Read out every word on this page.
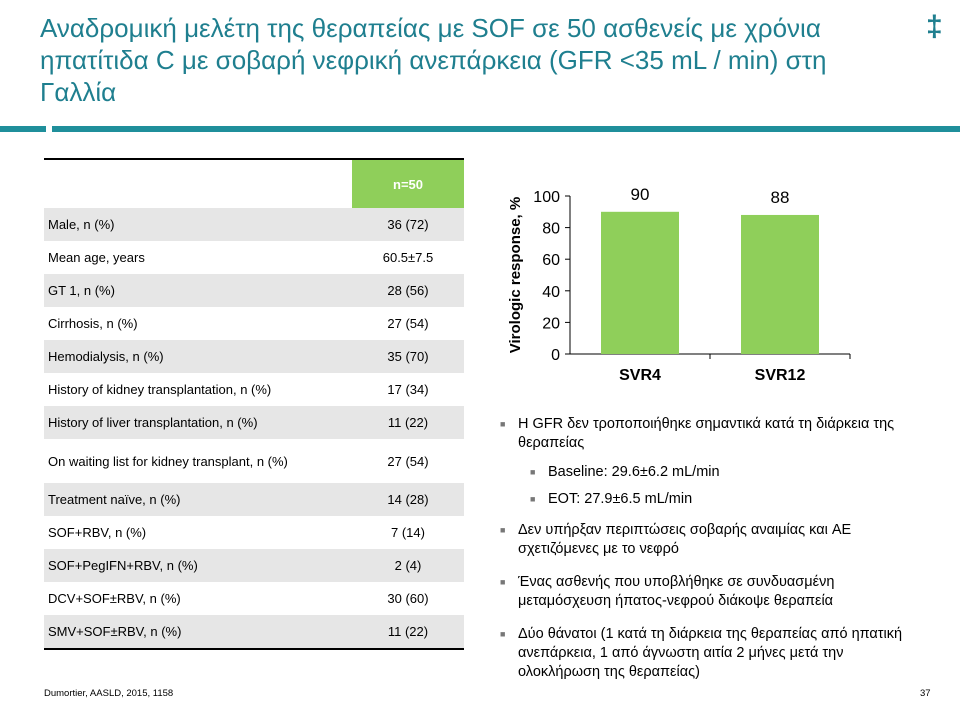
Αναδρομική μελέτη της θεραπείας με SOF σε 50 ασθενείς με χρόνια ηπατίτιδα C με σοβαρή νεφρική ανεπάρκεια (GFR <35 mL / min) στη Γαλλία
‡
	n=50
Male, n (%)	36 (72)
Mean age, years	60.5±7.5
GT 1, n (%)	28 (56)
Cirrhosis, n (%)	27 (54)
Hemodialysis, n (%)	35 (70)
History of kidney transplantation, n (%)	17 (34)
History of liver transplantation, n (%)	11 (22)
On waiting list for kidney transplant, n (%)	27 (54)
Treatment naïve, n (%)	14 (28)
SOF+RBV, n (%)	7 (14)
SOF+PegIFN+RBV, n (%)	2 (4)
DCV+SOF±RBV, n (%)	30 (60)
SMV+SOF±RBV, n (%)	11 (22)
0
20
40
60
80
100
Virologic response, %
90
SVR4
88
SVR12
■ Η GFR δεν τροποποιήθηκε σημαντικά κατά τη διάρκεια της θεραπείας
■ Baseline: 29.6±6.2 mL/min
■ EOT: 27.9±6.5 mL/min
■ Δεν υπήρξαν περιπτώσεις σοβαρής αναιμίας και AE σχετιζόμενες με το νεφρό
■ Ένας ασθενής που υποβλήθηκε σε συνδυασμένη μεταμόσχευση ήπατος-νεφρού διάκοψε θεραπεία
■ Δύο θάνατοι (1 κατά τη διάρκεια της θεραπείας από ηπατική ανεπάρκεια, 1 από άγνωστη αιτία 2 μήνες μετά την ολοκλήρωση της θεραπείας)
Dumortier, AASLD, 2015, 1158	37
